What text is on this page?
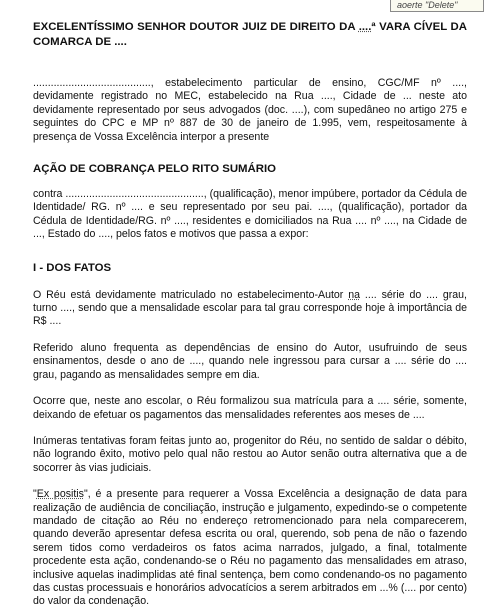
aoerte "Delete"

EXCELENTÍSSIMO SENHOR DOUTOR JUIZ DE DIREITO DA ....ª VARA CÍVEL DA COMARCA DE ....

........................................, estabelecimento particular de ensino, CGC/MF nº ...., devidamente registrado no MEC, estabelecido na Rua ...., Cidade de ... neste ato devidamente representado por seus advogados (doc. ....), com supedâneo no artigo 275 e seguintes do CPC e MP nº 887 de 30 de janeiro de 1.995, vem, respeitosamente à presença de Vossa Excelência interpor a presente

AÇÃO DE COBRANÇA PELO RITO SUMÁRIO

contra ..............................................., (qualificação), menor impúbere, portador da Cédula de Identidade/ RG. nº .... e seu representado por seu pai. ...., (qualificação), portador da Cédula de Identidade/RG. nº ...., residentes e domiciliados na Rua .... nº ...., na Cidade de ..., Estado do ...., pelos fatos e motivos que passa a expor:

I - DOS FATOS

O Réu está devidamente matriculado no estabelecimento-Autor na .... série do .... grau, turno ...., sendo que a mensalidade escolar para tal grau corresponde hoje à importância de R$ ....

Referido aluno frequenta as dependências de ensino do Autor, usufruindo de seus ensinamentos, desde o ano de ...., quando nele ingressou para cursar a .... série do .... grau, pagando as mensalidades sempre em dia.

Ocorre que, neste ano escolar, o Réu formalizou sua matrícula para a .... série, somente, deixando de efetuar os pagamentos das mensalidades referentes aos meses de ....

Inúmeras tentativas foram feitas junto ao, progenitor do Réu, no sentido de saldar o débito, não logrando êxito, motivo pelo qual não restou ao Autor senão outra alternativa que a de socorrer às vias judiciais.

"Ex positis", é a presente para requerer a Vossa Excelência a designação de data para realização de audiência de conciliação, instrução e julgamento, expedindo-se o competente mandado de citação ao Réu no endereço retromencionado para nela comparecerem, quando deverão apresentar defesa escrita ou oral, querendo, sob pena de não o fazendo serem tidos como verdadeiros os fatos acima narrados, julgado, a final, totalmente procedente esta ação, condenando-se o Réu no pagamento das mensalidades em atraso, inclusive aquelas inadimplidas até final sentença, bem como condenando-os no pagamento das custas processuais e honorários advocatícios a serem arbitrados em ...% (.... por cento) do valor da condenação.
